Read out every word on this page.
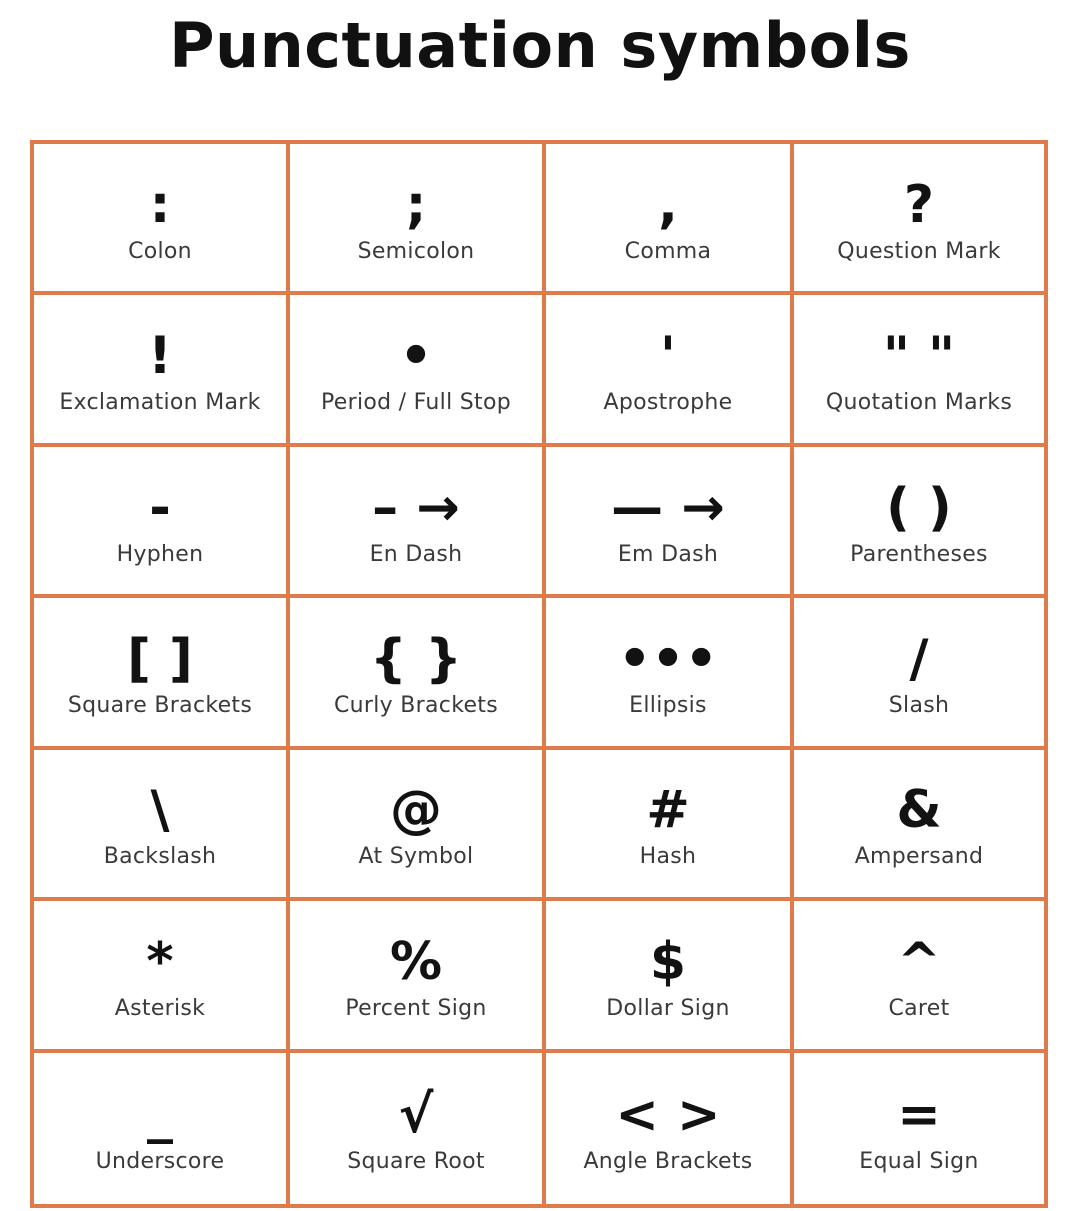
Punctuation symbols
:
Colon
;
Semicolon
,
Comma
?
Question Mark
!
Exclamation Mark
•
Period / Full Stop
'
Apostrophe
" "
Quotation Marks
-
Hyphen
– →
En Dash
— →
Em Dash
( )
Parentheses
[ ]
Square Brackets
{ }
Curly Brackets
•••
Ellipsis
/
Slash
\
Backslash
@
At Symbol
#
Hash
&
Ampersand
*
Asterisk
%
Percent Sign
$
Dollar Sign
^
Caret
_
Underscore
√
Square Root
< >
Angle Brackets
=
Equal Sign
